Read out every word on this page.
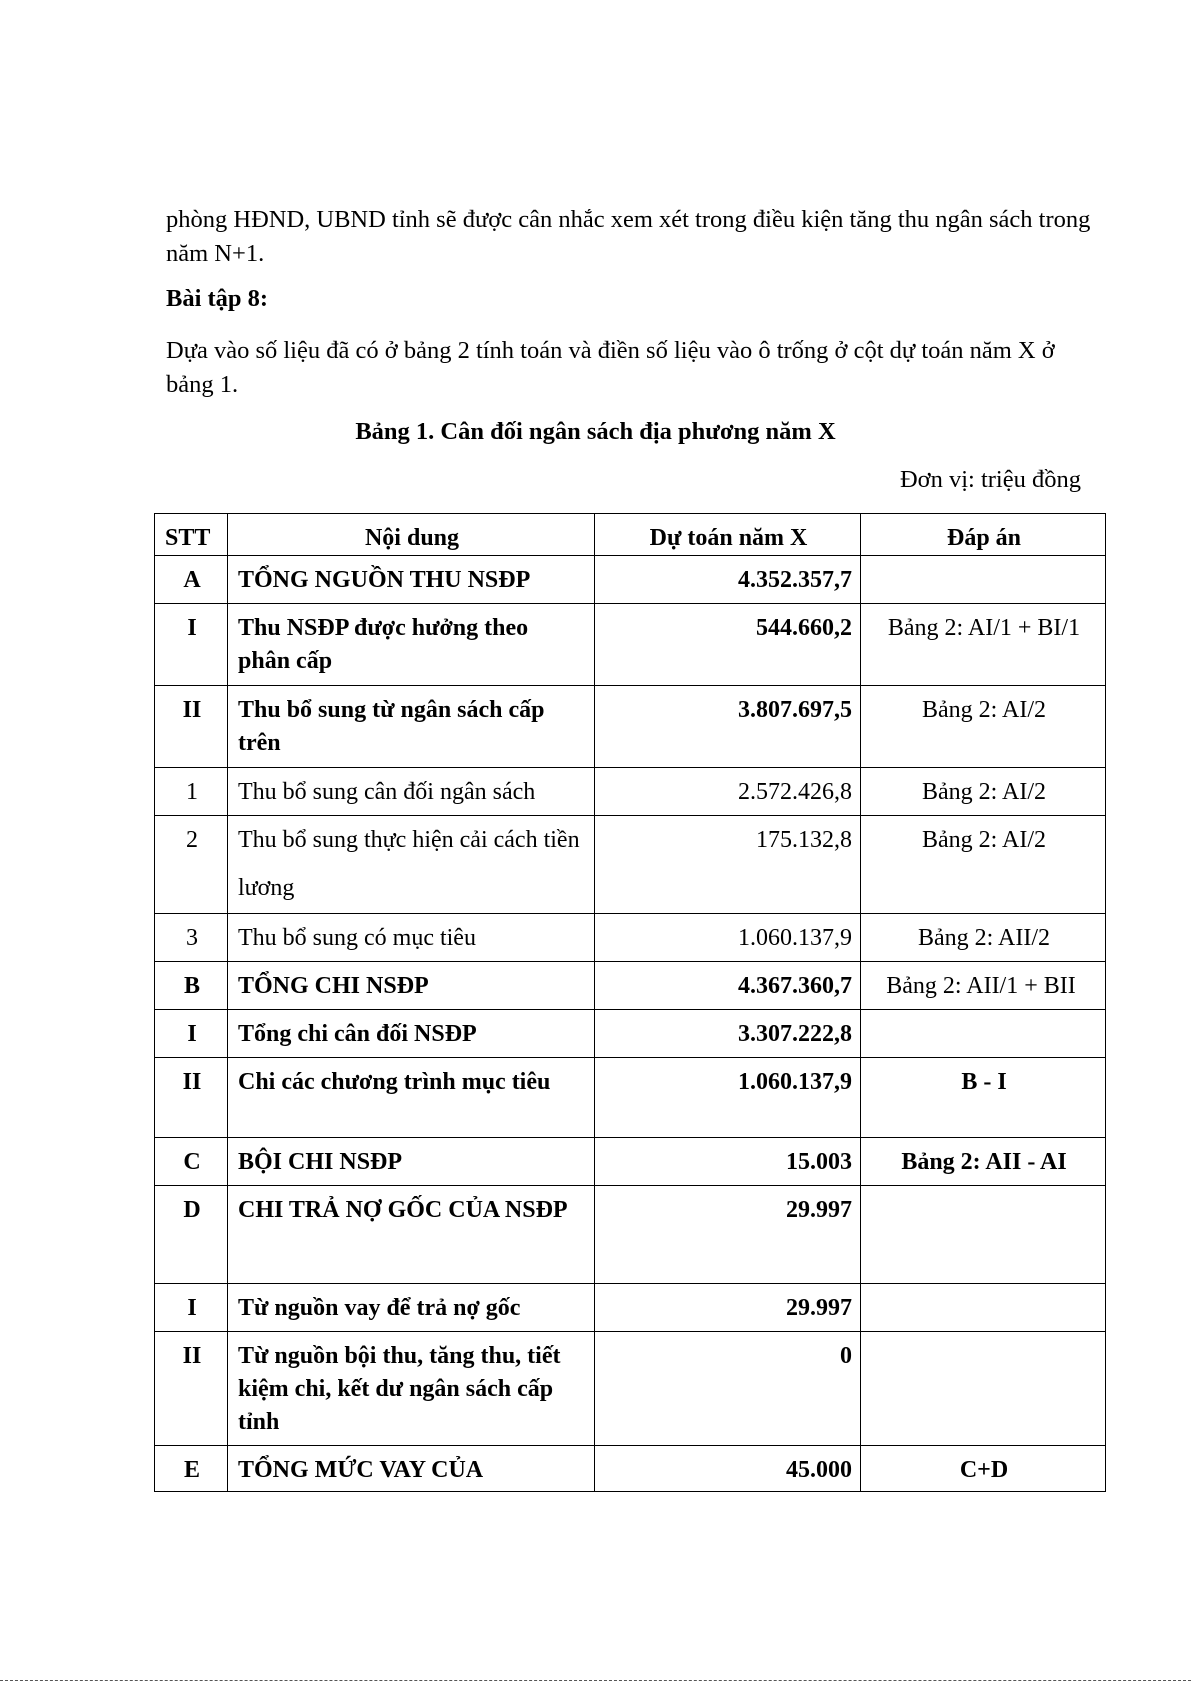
phòng HĐND, UBND tỉnh sẽ được cân nhắc xem xét trong điều kiện tăng thu ngân sách trong năm N+1.
Bài tập 8:
Dựa vào số liệu đã có ở bảng 2 tính toán và điền số liệu vào ô trống ở cột dự toán năm X ở bảng 1.
Bảng 1. Cân đối ngân sách địa phương năm X
Đơn vị: triệu đồng
STT	Nội dung	Dự toán năm X	Đáp án
A	TỔNG NGUỒN THU NSĐP	4.352.357,7	
I	Thu NSĐP được hưởng theo phân cấp	544.660,2	Bảng 2: AI/1 + BI/1
II	Thu bổ sung từ ngân sách cấp trên	3.807.697,5	Bảng 2: AI/2
1	Thu bổ sung cân đối ngân sách	2.572.426,8	Bảng 2: AI/2
2	Thu bổ sung thực hiện cải cách tiền lương	175.132,8	Bảng 2: AI/2
3	Thu bổ sung có mục tiêu	1.060.137,9	Bảng 2: AII/2
B	TỔNG CHI NSĐP	4.367.360,7	Bảng 2: AII/1 + BII
I	Tổng chi cân đối NSĐP	3.307.222,8	
II	Chi các chương trình mục tiêu	1.060.137,9	B - I
C	BỘI CHI NSĐP	15.003	Bảng 2: AII - AI
D	CHI TRẢ NỢ GỐC CỦA NSĐP	29.997	
I	Từ nguồn vay để trả nợ gốc	29.997	
II	Từ nguồn bội thu, tăng thu, tiết kiệm chi, kết dư ngân sách cấp tỉnh	0	
E	TỔNG MỨC VAY CỦA	45.000	C+D
